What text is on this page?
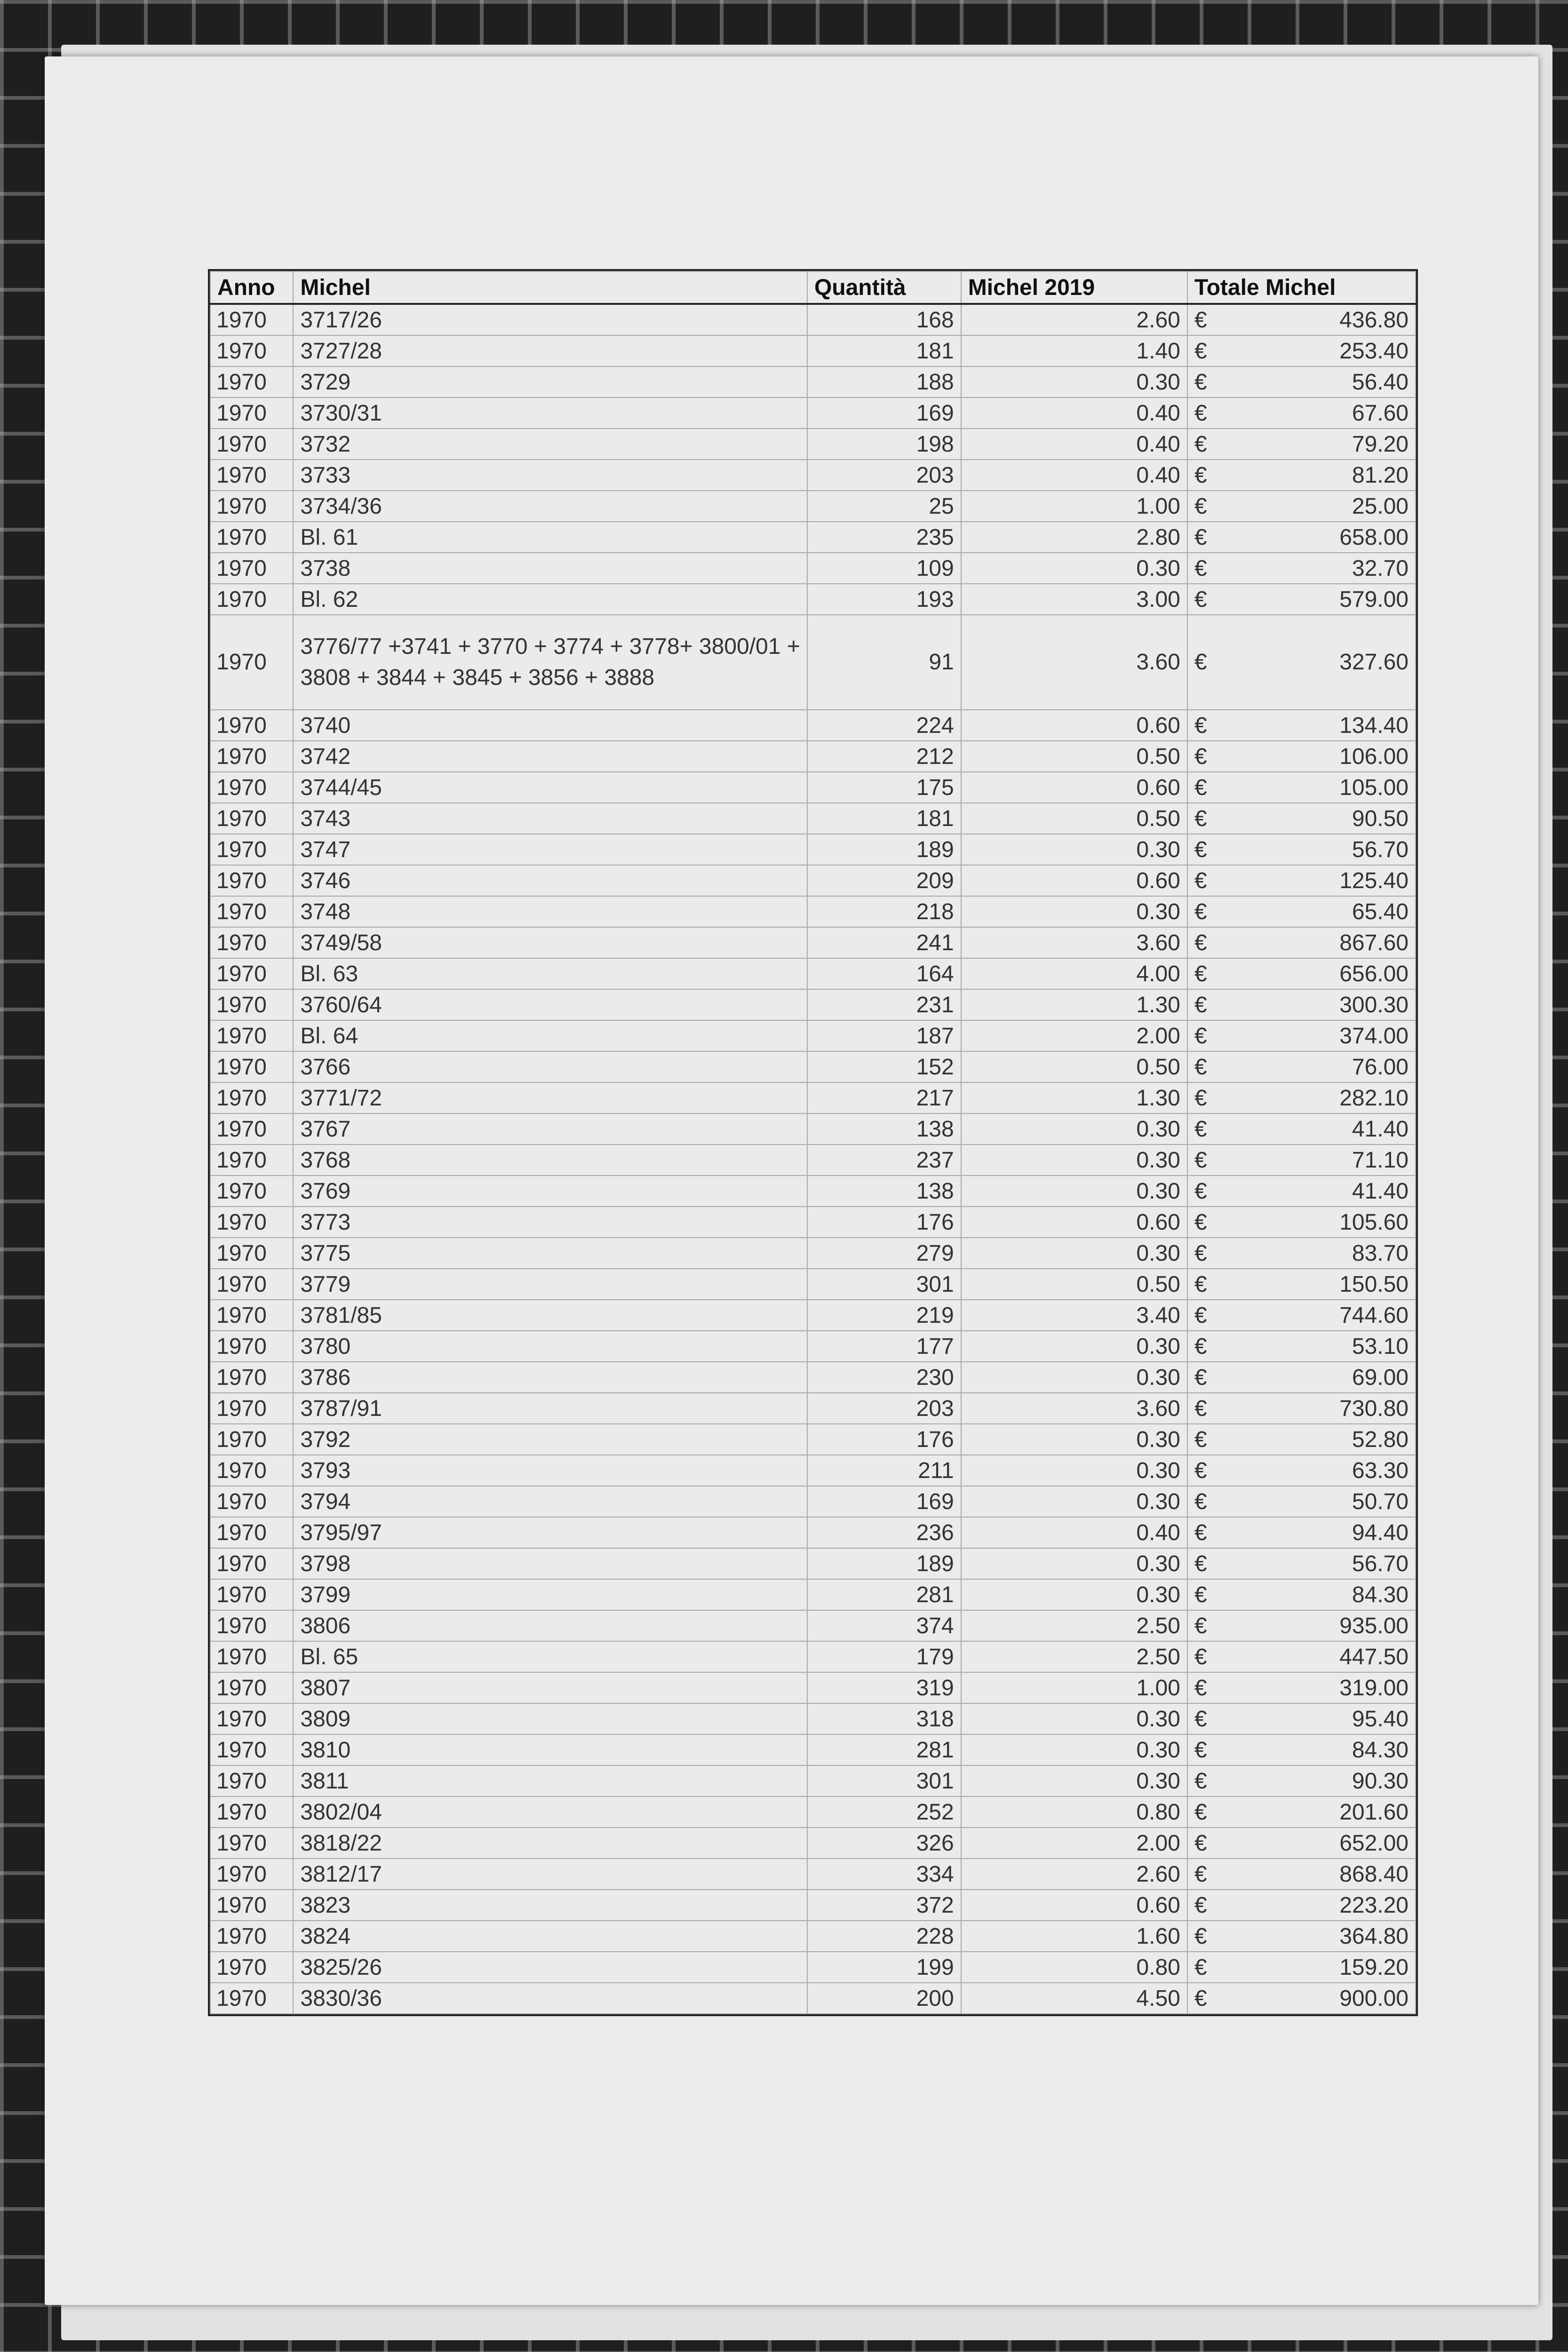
Anno	Michel	Quantità	Michel 2019	Totale Michel	
1970	3717/26	168	2.60	€	436.80
1970	3727/28	181	1.40	€	253.40
1970	3729	188	0.30	€	56.40
1970	3730/31	169	0.40	€	67.60
1970	3732	198	0.40	€	79.20
1970	3733	203	0.40	€	81.20
1970	3734/36	25	1.00	€	25.00
1970	Bl. 61	235	2.80	€	658.00
1970	3738	109	0.30	€	32.70
1970	Bl. 62	193	3.00	€	579.00
1970	3776/77 +3741 + 3770 + 3774 + 3778+ 3800/01 + 3808 + 3844 + 3845 + 3856 + 3888	91	3.60	€	327.60
1970	3740	224	0.60	€	134.40
1970	3742	212	0.50	€	106.00
1970	3744/45	175	0.60	€	105.00
1970	3743	181	0.50	€	90.50
1970	3747	189	0.30	€	56.70
1970	3746	209	0.60	€	125.40
1970	3748	218	0.30	€	65.40
1970	3749/58	241	3.60	€	867.60
1970	Bl. 63	164	4.00	€	656.00
1970	3760/64	231	1.30	€	300.30
1970	Bl. 64	187	2.00	€	374.00
1970	3766	152	0.50	€	76.00
1970	3771/72	217	1.30	€	282.10
1970	3767	138	0.30	€	41.40
1970	3768	237	0.30	€	71.10
1970	3769	138	0.30	€	41.40
1970	3773	176	0.60	€	105.60
1970	3775	279	0.30	€	83.70
1970	3779	301	0.50	€	150.50
1970	3781/85	219	3.40	€	744.60
1970	3780	177	0.30	€	53.10
1970	3786	230	0.30	€	69.00
1970	3787/91	203	3.60	€	730.80
1970	3792	176	0.30	€	52.80
1970	3793	211	0.30	€	63.30
1970	3794	169	0.30	€	50.70
1970	3795/97	236	0.40	€	94.40
1970	3798	189	0.30	€	56.70
1970	3799	281	0.30	€	84.30
1970	3806	374	2.50	€	935.00
1970	Bl. 65	179	2.50	€	447.50
1970	3807	319	1.00	€	319.00
1970	3809	318	0.30	€	95.40
1970	3810	281	0.30	€	84.30
1970	3811	301	0.30	€	90.30
1970	3802/04	252	0.80	€	201.60
1970	3818/22	326	2.00	€	652.00
1970	3812/17	334	2.60	€	868.40
1970	3823	372	0.60	€	223.20
1970	3824	228	1.60	€	364.80
1970	3825/26	199	0.80	€	159.20
1970	3830/36	200	4.50	€	900.00
